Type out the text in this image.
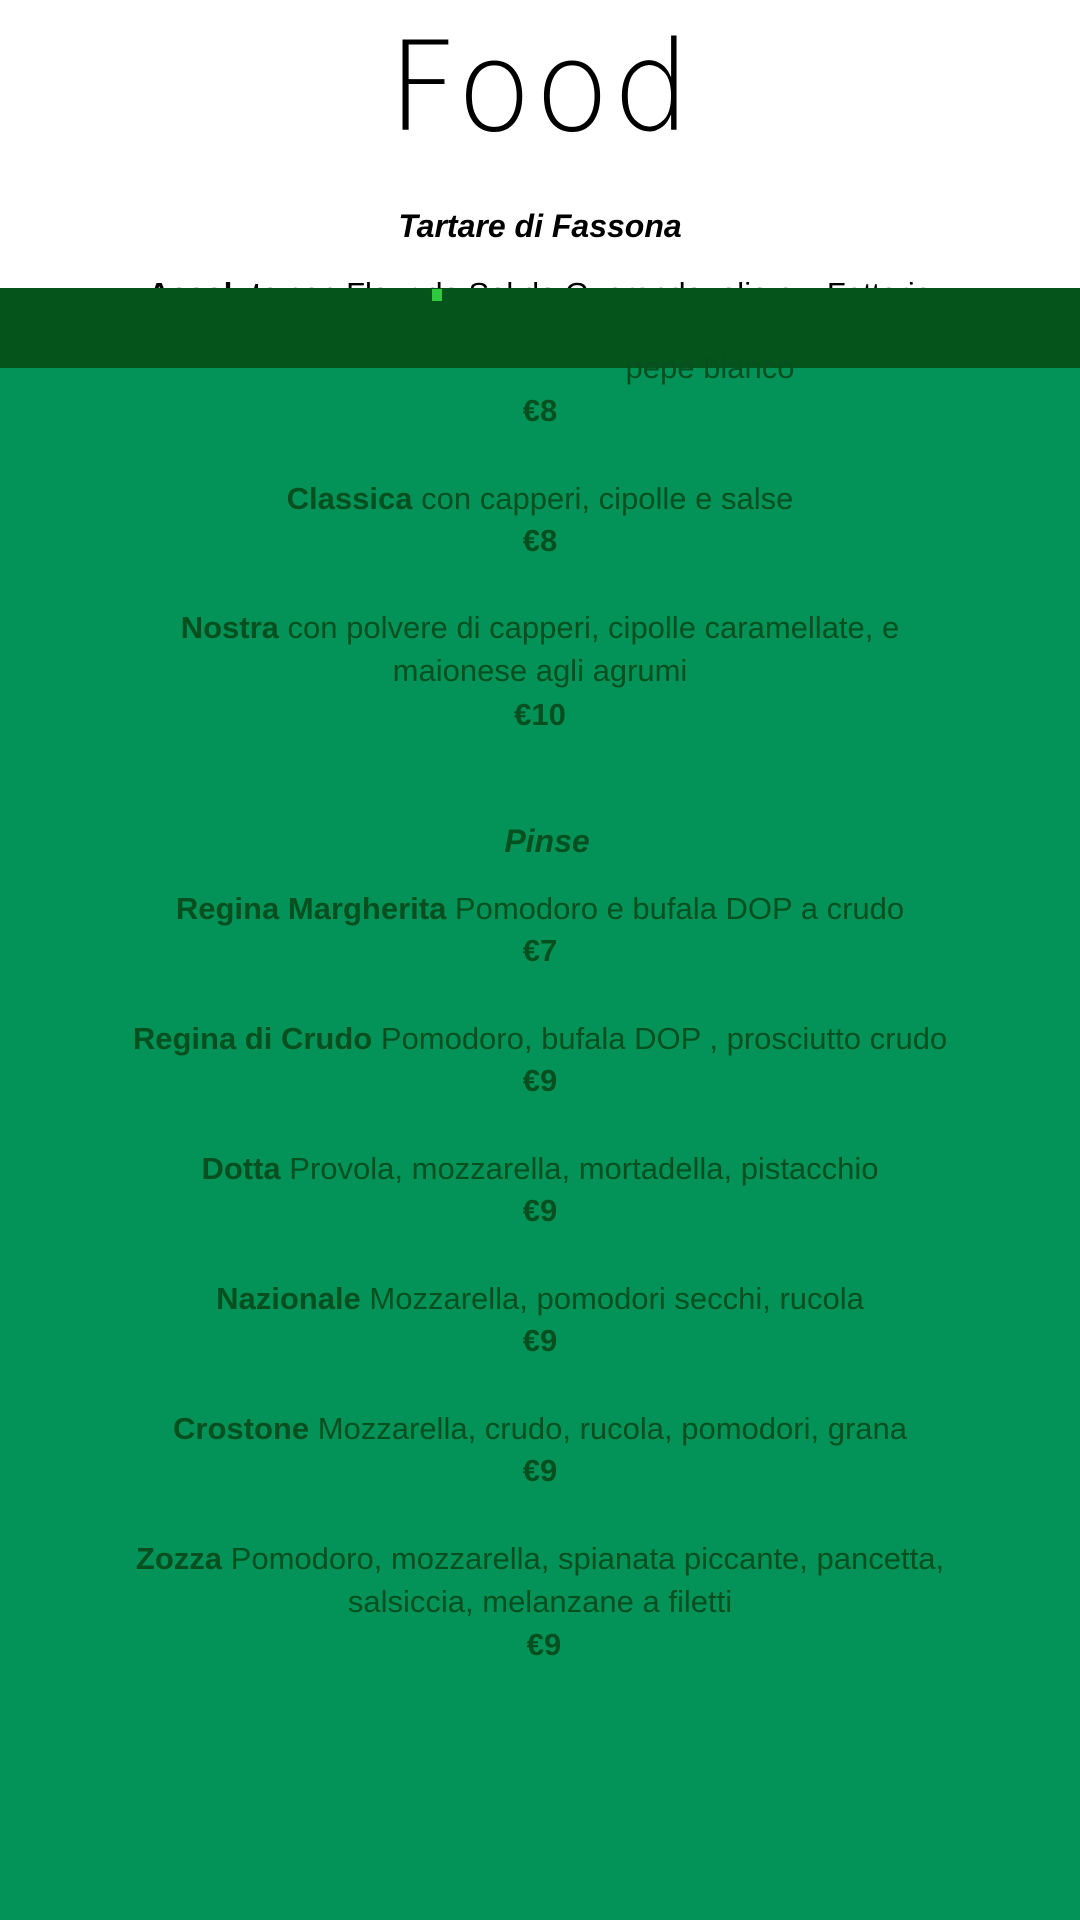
Food
Tartare di Fassona
pepe bianco
€8
Classica con capperi, cipolle e salse
€8
Nostra con polvere di capperi, cipolle caramellate, e maionese agli agrumi
€10
Pinse
Regina Margherita Pomodoro e bufala DOP a crudo
€7
Regina di Crudo Pomodoro, bufala DOP , prosciutto crudo
€9
Dotta Provola, mozzarella, mortadella, pistacchio
€9
Nazionale Mozzarella, pomodori secchi, rucola
€9
Crostone Mozzarella, crudo, rucola, pomodori, grana
€9
Zozza Pomodoro, mozzarella, spianata piccante, pancetta, salsiccia, melanzane a filetti
€9
